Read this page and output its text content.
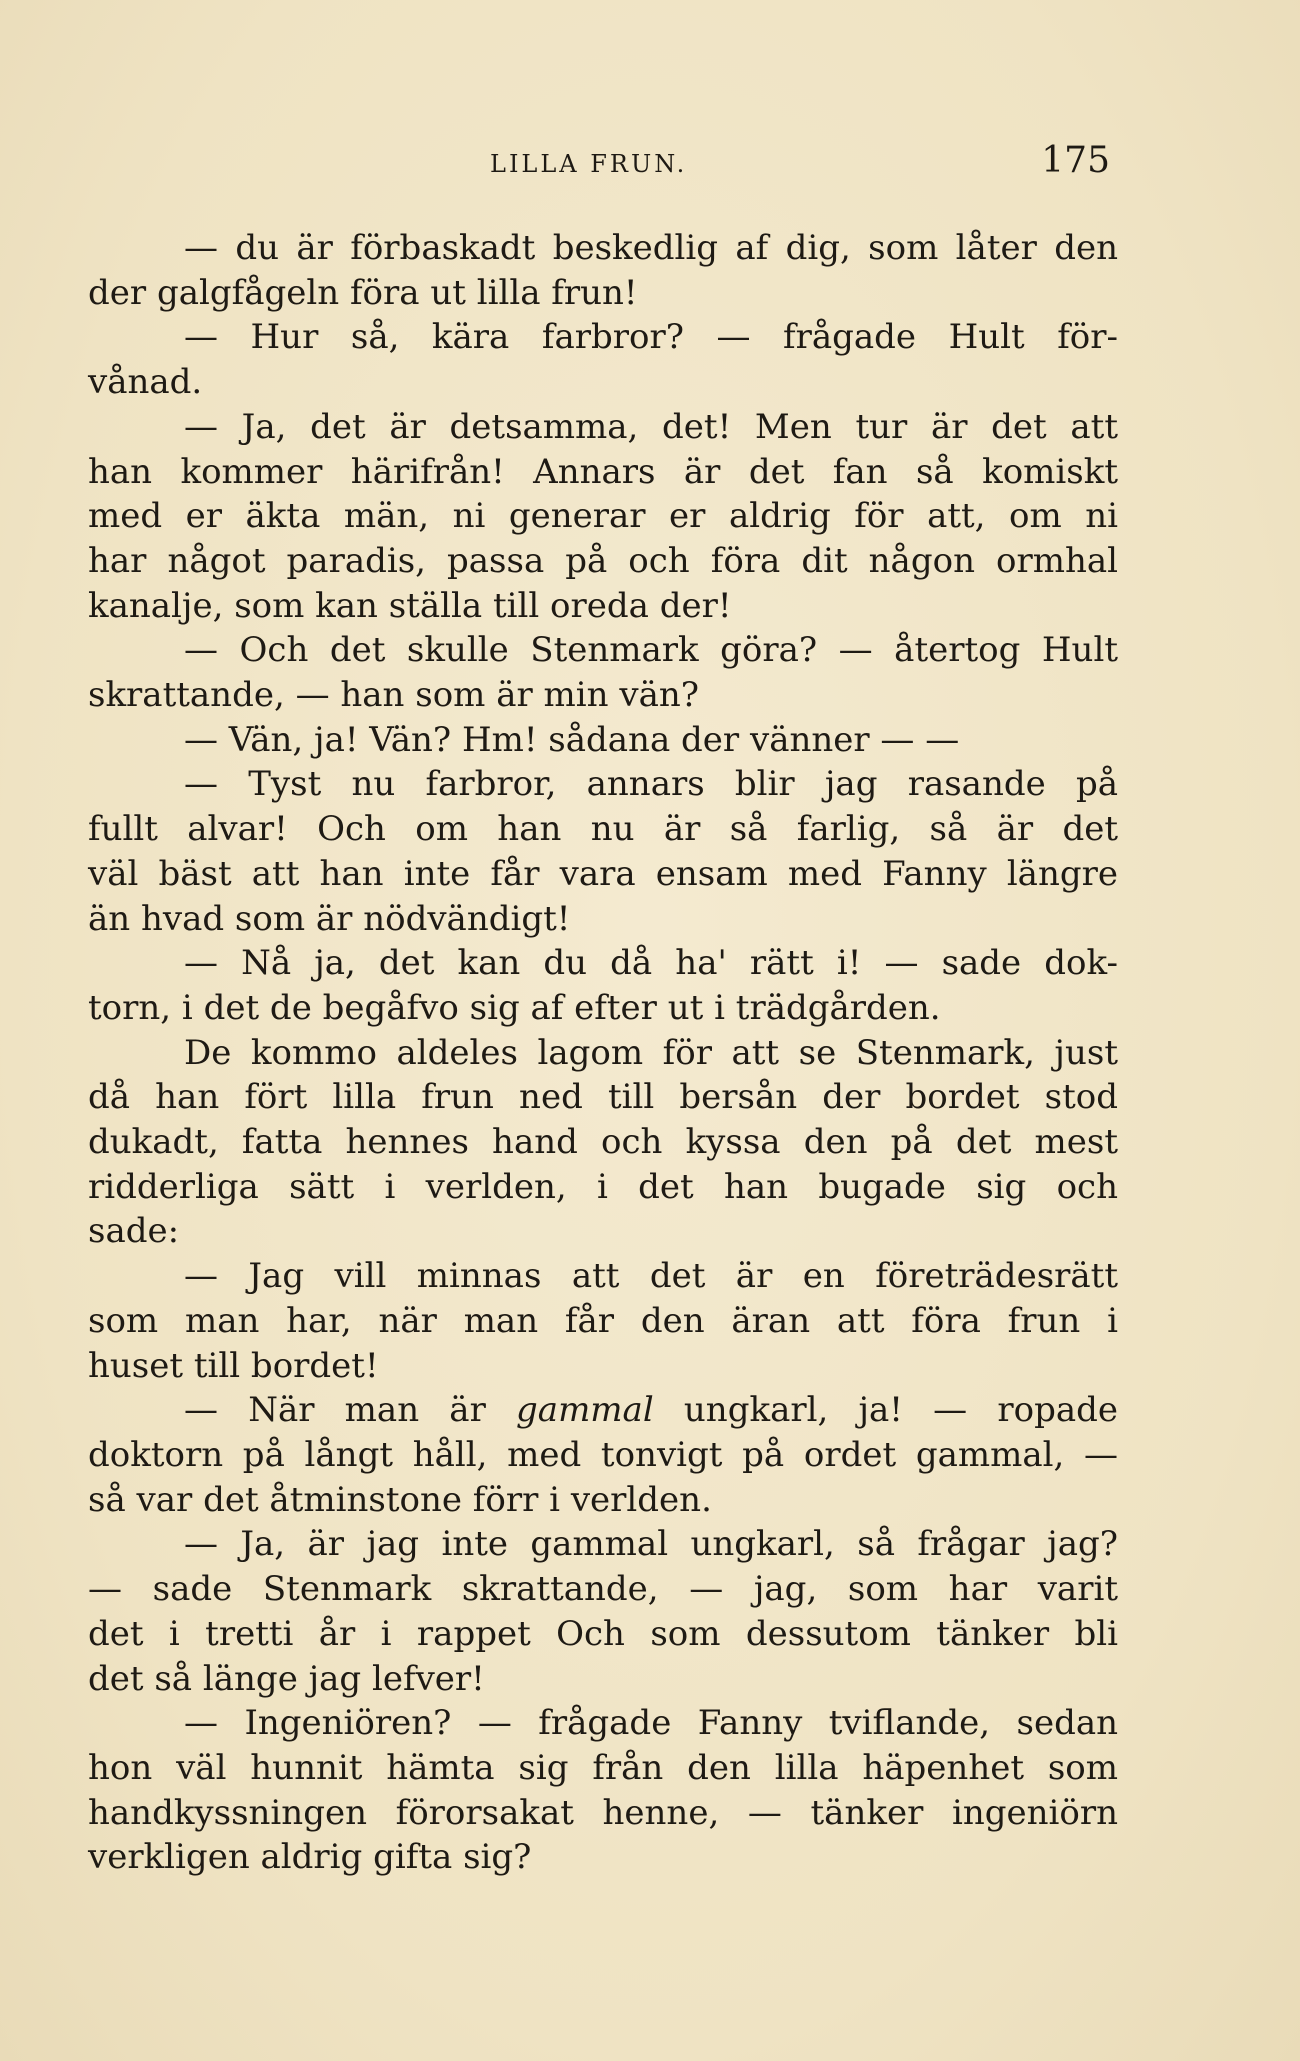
LILLA FRUN.	175
— du är förbaskadt beskedlig af dig, som låter den
der galgfågeln föra ut lilla frun!
— Hur så, kära farbror? — frågade Hult för-
vånad.
— Ja, det är detsamma, det! Men tur är det att
han kommer härifrån! Annars är det fan så komiskt
med er äkta män, ni generar er aldrig för att, om ni
har något paradis, passa på och föra dit någon ormhal
kanalje, som kan ställa till oreda der!
— Och det skulle Stenmark göra? — återtog Hult
skrattande, — han som är min vän?
— Vän, ja! Vän? Hm! sådana der vänner — —
— Tyst nu farbror, annars blir jag rasande på
fullt alvar! Och om han nu är så farlig, så är det
väl bäst att han inte får vara ensam med Fanny längre
än hvad som är nödvändigt!
— Nå ja, det kan du då ha' rätt i! — sade dok-
torn, i det de begåfvo sig af efter ut i trädgården.
De kommo aldeles lagom för att se Stenmark, just
då han fört lilla frun ned till bersån der bordet stod
dukadt, fatta hennes hand och kyssa den på det mest
ridderliga sätt i verlden, i det han bugade sig och
sade:
— Jag vill minnas att det är en företrädesrätt
som man har, när man får den äran att föra frun i
huset till bordet!
— När man är gammal ungkarl, ja! — ropade
doktorn på långt håll, med tonvigt på ordet gammal, —
så var det åtminstone förr i verlden.
— Ja, är jag inte gammal ungkarl, så frågar jag?
— sade Stenmark skrattande, — jag, som har varit
det i tretti år i rappet Och som dessutom tänker bli
det så länge jag lefver!
— Ingeniören? — frågade Fanny tviflande, sedan
hon väl hunnit hämta sig från den lilla häpenhet som
handkyssningen förorsakat henne, — tänker ingeniörn
verkligen aldrig gifta sig?
